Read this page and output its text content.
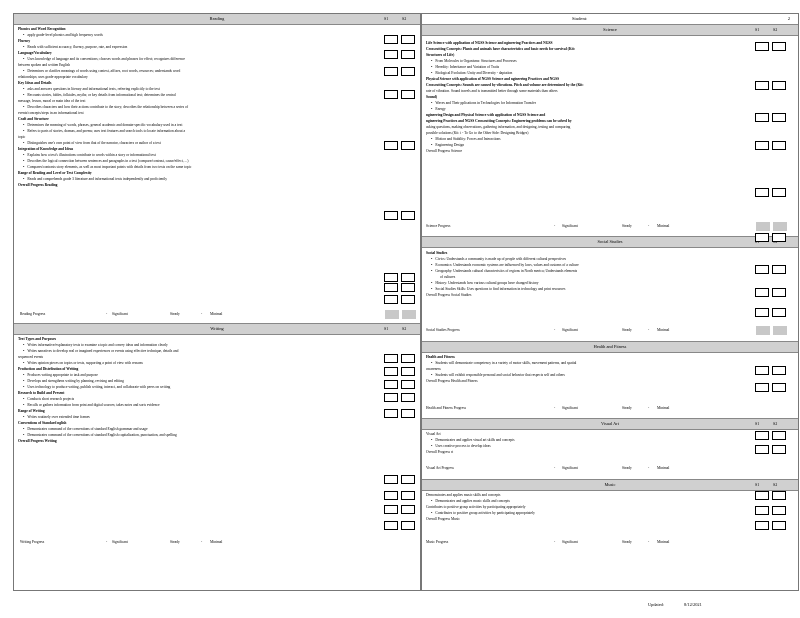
Reading	S1	S2
Phonics and Word Recognition
• apply grade-level phonics and high frequency words
Fluency
• Reads with sufficient accuracy, fluency, purpose, rate, and expression
Language/Vocabulary
• Uses knowledge of language and its conventions; chooses words and phrases for effect; recognizes difference
between spoken and written English
• Determines or clarifies meanings of words using context, affixes, root words, resources; understands word
relationships; uses grade-appropriate vocabulary
Key Ideas and Details
• asks and answers questions in literary and informational texts, referring explicitly to the text
• Recounts stories, fables, folktales, myths; or key details from informational text; determines the central
message, lesson, moral or main idea of the text
• Describes characters and how their actions contribute to the story; describes the relationship between a series of
events/concepts/steps in an informational text
Craft and Structure
• Determines the meaning of words, phrases, general academic and domain-specific vocabulary used in a text
• Refers to parts of stories, dramas, and poems; uses text features and search tools to locate information about a
topic
• Distinguishes one's own point of view from that of the narrator, characters or author of a text
Integration of Knowledge and Ideas
• Explains how a text's illustrations contribute to words within a story or informational text
• Describes the logical connection between sentences and paragraphs in a text (compare/contrast, cause/effect, ...)
• Compares/contrasts story elements, as well as most important points with details from two texts on the same topic
Range of Reading and Level or Text Complexity
• Reads and comprehends grade 3 literature and informational texts independently and proficiently
Overall Progress Reading
Reading Progress	- Significant	Steady	- Minimal
Writing	S1	S2
Text Types and Purposes
• Writes informative/explanatory texts to examine a topic and convey ideas and information clearly
• Writes narratives to develop real or imagined experiences or events using effective technique, details and
sequenced events
• Writes opinion pieces on topics or texts, supporting a point of view with reasons
Production and Distribution of Writing
• Produces writing appropriate to task and purpose
• Develops and strengthens writing by planning, revising and editing
• Uses technology to produce writing, publish writing, interact, and collaborate with peers on writing
Research to Build and Present
• Conducts short research projects
• Recalls or gathers information from print and digital sources; takes notes and sorts evidence
Range of Writing
• Writes routinely over extended time frames
Conventions of Standard nglish
• Demonstrates command of the conventions of standard English grammar and usage
• Demonstrates command of the conventions of standard English capitalization, punctuation, and spelling
Overall Progress Writing
Writing Progress	- Significant	Steady	- Minimal
Student:	2
Science	S1	S2
Life Science with application of NGSS Science and ngineering Practices and NGSS
Crosscutting Concepts: Plants and animals have characteristics and basic needs for survival (Kit:
Structures of Life)
• From Molecules to Organisms: Structures and Processes
• Heredity: Inheritance and Variation of Traits
• Biological Evolution: Unity and Diversity - daptation
Physical Science with application of NGSS Science and ngineering Practices and NGSS
Crosscutting Concepts: Sounds are caused by vibrations. Pitch and volume are determined by the (Kit:
rate of vibration. Sound travels and is transmitted better through some materials than others
Sound)
• Waves and Their pplications in Technologies for Information Transfer
• Energy
ngineering Design and Physical Science with application of NGSS Science and
ngineering Practices and NGSS Crosscutting Concepts: Engineering problems can be solved by
asking questions, making observations, gathering information, and designing, testing and comparing
possible solutions (Kit: i - To Go to the Other Side: Designing Bridges)
• Motion and Stability: Forces and Interactions
• Engineering Design
Overall Progress Science
Science Progress	- Significant	Steady	- Minimal
Social Studies
Social Studies
• Civics: Understands a community is made up of people with different cultural perspectives
• Economics: Understands economic systems are influenced by laws, values and customs of a culture
• Geography: Understands cultural characteristics of regions in North merica; Understands elements
of cultures
• History: Understands how various cultural groups have changed history
• Social Studies Skills: Uses questions to find information in technology and print resources
Overall Progress Social Studies
Social Studies Progress	- Significant	Steady	- Minimal
Health and Fitness
Health and Fitness
• Students will demonstrate competency in a variety of motor skills, movement patterns, and spatial
awareness
• Students will exhibit responsible personal and social behavior that respects self and others
Overall Progress Health and Fitness
Health and Fitness Progress	- Significant	Steady	- Minimal
Visual Art	S1	S2
Visual Art
• Demonstrates and applies visual art skills and concepts
• Uses creative process to develop ideas
Overall Progress rt
Visual Art Progress	- Significant	Steady	- Minimal
Music	S1	S2
Demonstrates and applies music skills and concepts
• Demonstrates and applies music skills and concepts
Contributes to positive group activities by participating appropriately
• Contributes to positive group activities by participating appropriately
Overall Progress Music
Music Progress	- Significant	Steady	- Minimal
Updated:	8/12/2021
